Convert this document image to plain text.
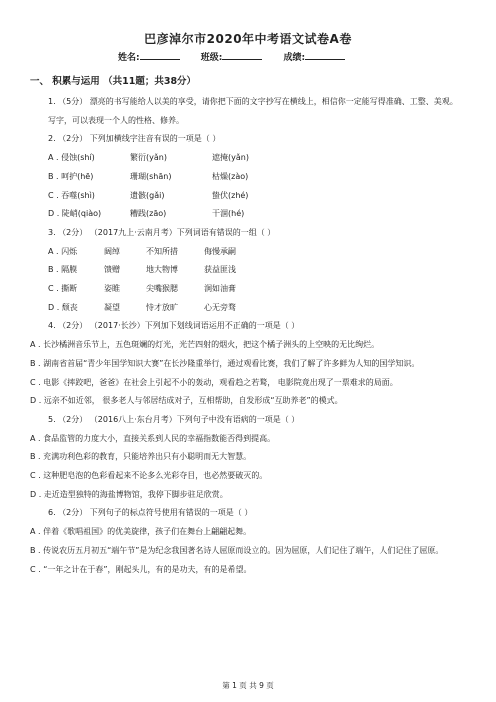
巴彦淖尔市2020年中考语文试卷A卷
姓名:	班级:	成绩:
一、 积累与运用 （共11题；共38分）
1. （5分） 漂亮的书写能给人以美的享受，请你把下面的文字抄写在横线上，相信你一定能写得准确、工整、美观。
写字，可以表现一个人的性格、修养。
2. （2分） 下列加横线字注音有误的一项是（ ）
A . 侵蚀(shí)	繁衍(yǎn)	遮掩(yǎn)
B . 呵护(hē)	珊瑚(shān)	枯燥(zào)
C . 吞噬(shì)	遗骸(gǎi)	蛰伏(zhé)
D . 陡峭(qiào)	糟践(zāo)	干涸(hé)
3. （2分） （2017九上·云南月考）下列词语有错误的一组（ ）
A . 闪烁	阔绰	不知所措	侮慢承嗣
B . 隔膜	馈赠	地大物博	获益匪浅
C . 撕断	姿睢	尖嘴猴腮	涧如油膏
D . 颓丧	凝望	恃才放旷	心无旁骛
4. （2分） （2017·长沙）下列加下划线词语运用不正确的一项是（ ）
A . 长沙橘洲音乐节上，五色斑斓的灯光，光芒四射的烟火，把这个橘子洲头的上空映的无比绚烂。
B . 湖南省首届“青少年国学知识大赛”在长沙隆重举行，通过观看比赛，我们了解了许多鲜为人知的国学知识。
C . 电影《摔跤吧，爸爸》在社会上引起不小的轰动，观看趋之若鹜， 电影院竟出现了一票难求的局面。
D . 远亲不如近邻， 很多老人与邻居结成对子，互相帮助，自发形成“互助养老”的模式。
5. （2分） （2016八上·东台月考）下列句子中没有语病的一项是（ ）
A . 食品监管的力度大小，直接关系到人民的幸福指数能否得到提高。
B . 充满功利色彩的教育，只能培养出只有小聪明而无大智慧。
C . 这种肥皂泡的色彩看起来不论多么光彩夺目，也必然要破灭的。
D . 走近造型独特的海盐博物馆，我停下脚步驻足欣赏。
6. （2分） 下列句子的标点符号使用有错误的一项是（ ）
A . 伴着《歌唱祖国》的优美旋律，孩子们在舞台上翩翩起舞。
B . 传说农历五月初五“端午节”是为纪念我国著名诗人屈原而设立的。因为屈原，人们记住了端午，人们记住了屈原。
C . “一年之计在于春”，刚起头儿，有的是功夫，有的是希望。
第 1 页 共 9 页
